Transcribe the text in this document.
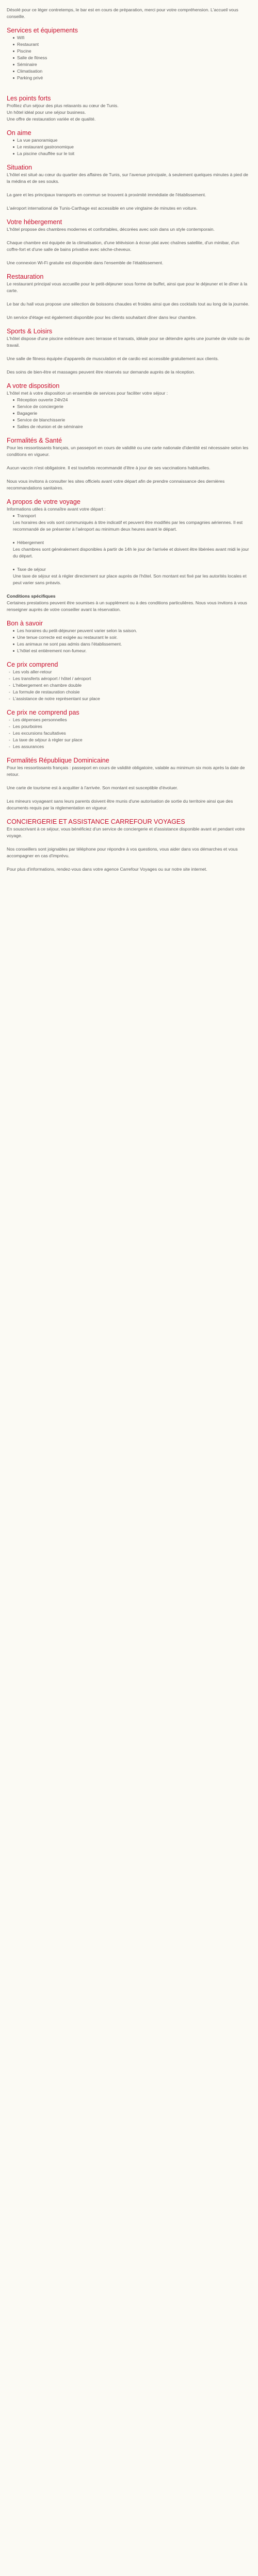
Désolé pour ce léger contretemps, le bar est en cours de préparation, merci pour votre compréhension. L'accueil vous conseille.

Services et équipements
Wifi
Restaurant
Piscine
Salle de fitness
Séminaire
Climatisation
Parking privé
Les points forts

Profitez d'un séjour des plus relaxants au cœur de Tunis.

Un hôtel idéal pour une séjour business.

Une offre de restauration variée et de qualité.

On aime
La vue panoramique
Le restaurant gastronomique
La piscine chauffée sur le toit
Situation

L'hôtel est situé au cœur du quartier des affaires de Tunis, sur l'avenue principale, à seulement quelques minutes à pied de la médina et de ses souks.

La gare et les principaux transports en commun se trouvent à proximité immédiate de l'établissement.

L'aéroport international de Tunis-Carthage est accessible en une vingtaine de minutes en voiture.

Votre hébergement

L'hôtel propose des chambres modernes et confortables, décorées avec soin dans un style contemporain.

Chaque chambre est équipée de la climatisation, d'une télévision à écran plat avec chaînes satellite, d'un minibar, d'un coffre-fort et d'une salle de bains privative avec sèche-cheveux.

Une connexion Wi-Fi gratuite est disponible dans l'ensemble de l'établissement.

Restauration

Le restaurant principal vous accueille pour le petit-déjeuner sous forme de buffet, ainsi que pour le déjeuner et le dîner à la carte.

Le bar du hall vous propose une sélection de boissons chaudes et froides ainsi que des cocktails tout au long de la journée.

Un service d'étage est également disponible pour les clients souhaitant dîner dans leur chambre.

Sports & Loisirs

L'hôtel dispose d'une piscine extérieure avec terrasse et transats, idéale pour se détendre après une journée de visite ou de travail.

Une salle de fitness équipée d'appareils de musculation et de cardio est accessible gratuitement aux clients.

Des soins de bien-être et massages peuvent être réservés sur demande auprès de la réception.

A votre disposition

L'hôtel met à votre disposition un ensemble de services pour faciliter votre séjour :

Réception ouverte 24h/24
Service de conciergerie
Bagagerie
Service de blanchisserie
Salles de réunion et de séminaire
Formalités & Santé

Pour les ressortissants français, un passeport en cours de validité ou une carte nationale d'identité est nécessaire selon les conditions en vigueur.

Aucun vaccin n'est obligatoire. Il est toutefois recommandé d'être à jour de ses vaccinations habituelles.

Nous vous invitons à consulter les sites officiels avant votre départ afin de prendre connaissance des dernières recommandations sanitaires.

A propos de votre voyage

Informations utiles à connaître avant votre départ :

Transport

Les horaires des vols sont communiqués à titre indicatif et peuvent être modifiés par les compagnies aériennes. Il est recommandé de se présenter à l'aéroport au minimum deux heures avant le départ.

Hébergement

Les chambres sont généralement disponibles à partir de 14h le jour de l'arrivée et doivent être libérées avant midi le jour du départ.

Taxe de séjour

Une taxe de séjour est à régler directement sur place auprès de l'hôtel. Son montant est fixé par les autorités locales et peut varier sans préavis.

Conditions spécifiques

Certaines prestations peuvent être soumises à un supplément ou à des conditions particulières. Nous vous invitons à vous renseigner auprès de votre conseiller avant la réservation.

Bon à savoir
Les horaires du petit-déjeuner peuvent varier selon la saison.
Une tenue correcte est exigée au restaurant le soir.
Les animaux ne sont pas admis dans l'établissement.
L'hôtel est entièrement non-fumeur.
Ce prix comprend
- Les vols aller-retour
- Les transferts aéroport / hôtel / aéroport
- L'hébergement en chambre double
- La formule de restauration choisie
- L'assistance de notre représentant sur place
Ce prix ne comprend pas
- Les dépenses personnelles
- Les pourboires
- Les excursions facultatives
- La taxe de séjour à régler sur place
- Les assurances
Formalités République Dominicaine

Pour les ressortissants français : passeport en cours de validité obligatoire, valable au minimum six mois après la date de retour.

Une carte de tourisme est à acquitter à l'arrivée. Son montant est susceptible d'évoluer.

Les mineurs voyageant sans leurs parents doivent être munis d'une autorisation de sortie du territoire ainsi que des documents requis par la réglementation en vigueur.

CONCIERGERIE ET ASSISTANCE CARREFOUR VOYAGES

En souscrivant à ce séjour, vous bénéficiez d'un service de conciergerie et d'assistance disponible avant et pendant votre voyage.

Nos conseillers sont joignables par téléphone pour répondre à vos questions, vous aider dans vos démarches et vous accompagner en cas d'imprévu.

Pour plus d'informations, rendez-vous dans votre agence Carrefour Voyages ou sur notre site internet.
